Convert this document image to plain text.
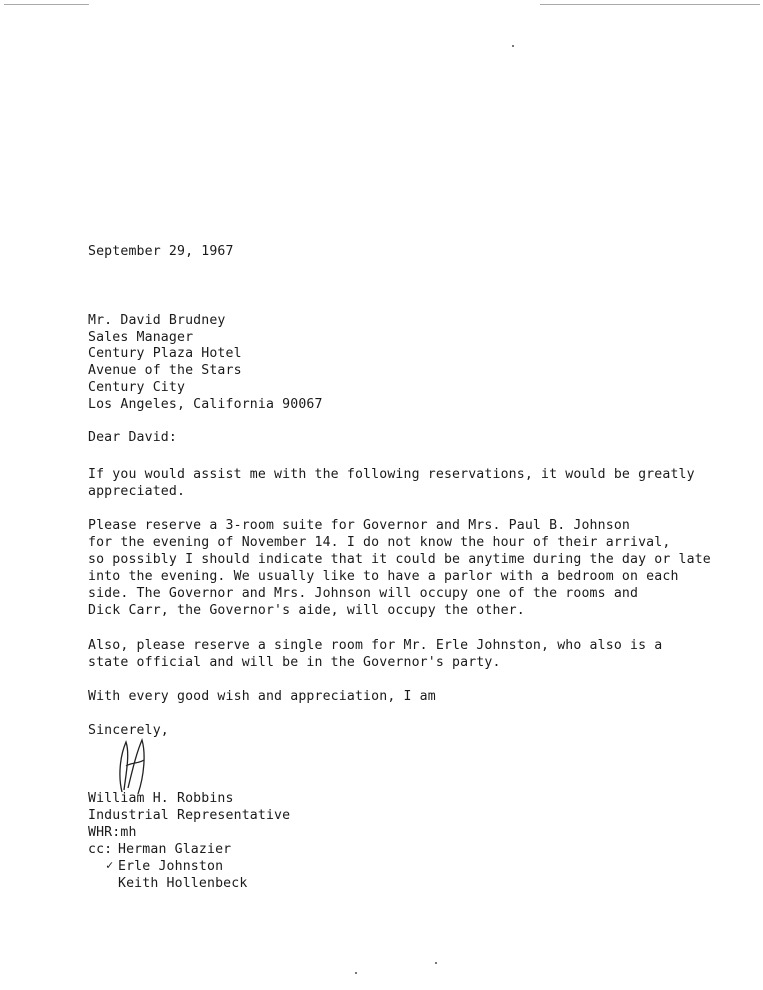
September 29, 1967
Mr. David Brudney
Sales Manager
Century Plaza Hotel
Avenue of the Stars
Century City
Los Angeles, California 90067
Dear David:
If you would assist me with the following reservations, it would be greatly
appreciated.
Please reserve a 3-room suite for Governor and Mrs. Paul B. Johnson
for the evening of November 14. I do not know the hour of their arrival,
so possibly I should indicate that it could be anytime during the day or late
into the evening. We usually like to have a parlor with a bedroom on each
side. The Governor and Mrs. Johnson will occupy one of the rooms and
Dick Carr, the Governor's aide, will occupy the other.
Also, please reserve a single room for Mr. Erle Johnston, who also is a
state official and will be in the Governor's party.
With every good wish and appreciation, I am
Sincerely,
William H. Robbins
Industrial Representative
WHR:mh
cc: Herman Glazier
✓ Erle Johnston
Keith Hollenbeck
